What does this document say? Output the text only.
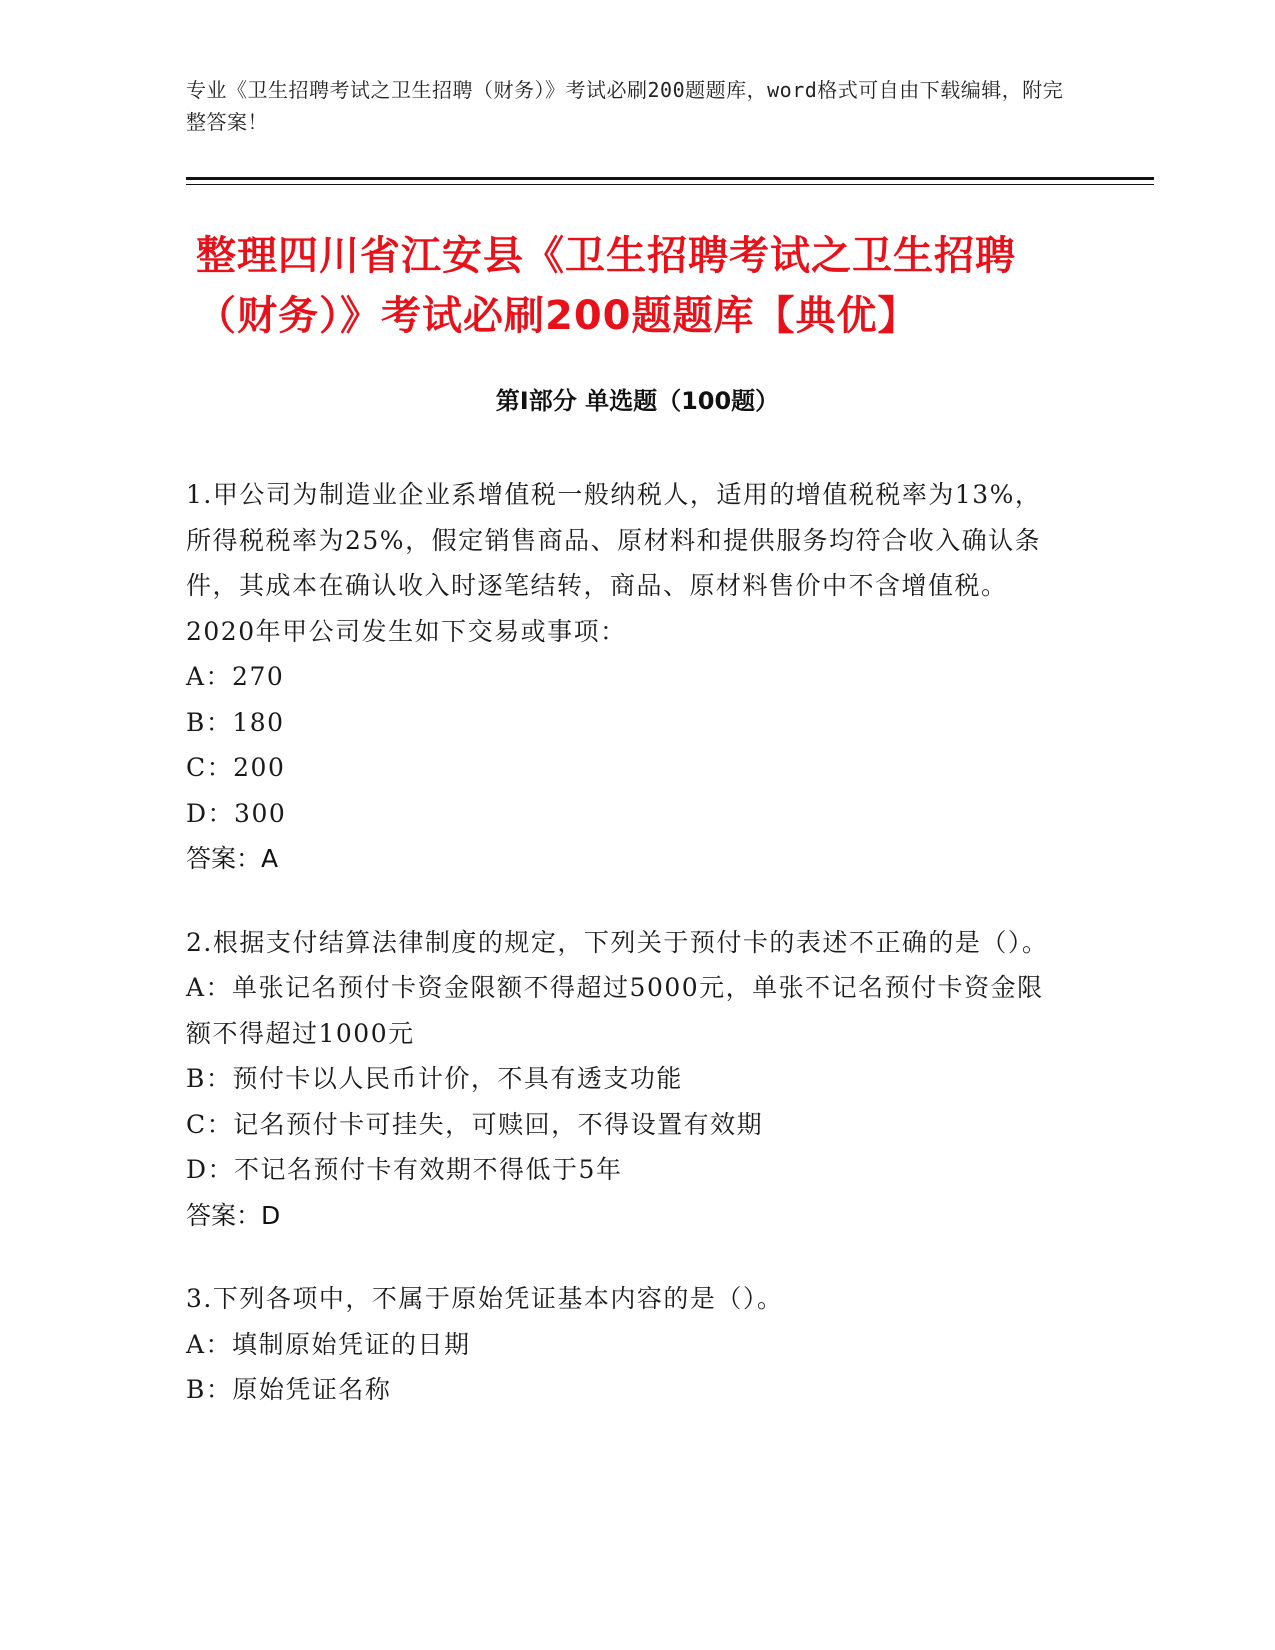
专业《卫生招聘考试之卫生招聘（财务）》考试必刷200题题库，word格式可自由下载编辑，附完整答案！
整理四川省江安县《卫生招聘考试之卫生招聘（财务）》考试必刷200题题库【典优】
第I部分 单选题（100题）
1.甲公司为制造业企业系增值税一般纳税人，适用的增值税税率为13%，所得税税率为25%，假定销售商品、原材料和提供服务均符合收入确认条件，其成本在确认收入时逐笔结转，商品、原材料售价中不含增值税。2020年甲公司发生如下交易或事项：
A：270
B：180
C：200
D：300
答案：A
2.根据支付结算法律制度的规定，下列关于预付卡的表述不正确的是（）。
A：单张记名预付卡资金限额不得超过5000元，单张不记名预付卡资金限额不得超过1000元
B：预付卡以人民币计价，不具有透支功能
C：记名预付卡可挂失，可赎回，不得设置有效期
D：不记名预付卡有效期不得低于5年
答案：D
3.下列各项中，不属于原始凭证基本内容的是（）。
A：填制原始凭证的日期
B：原始凭证名称
